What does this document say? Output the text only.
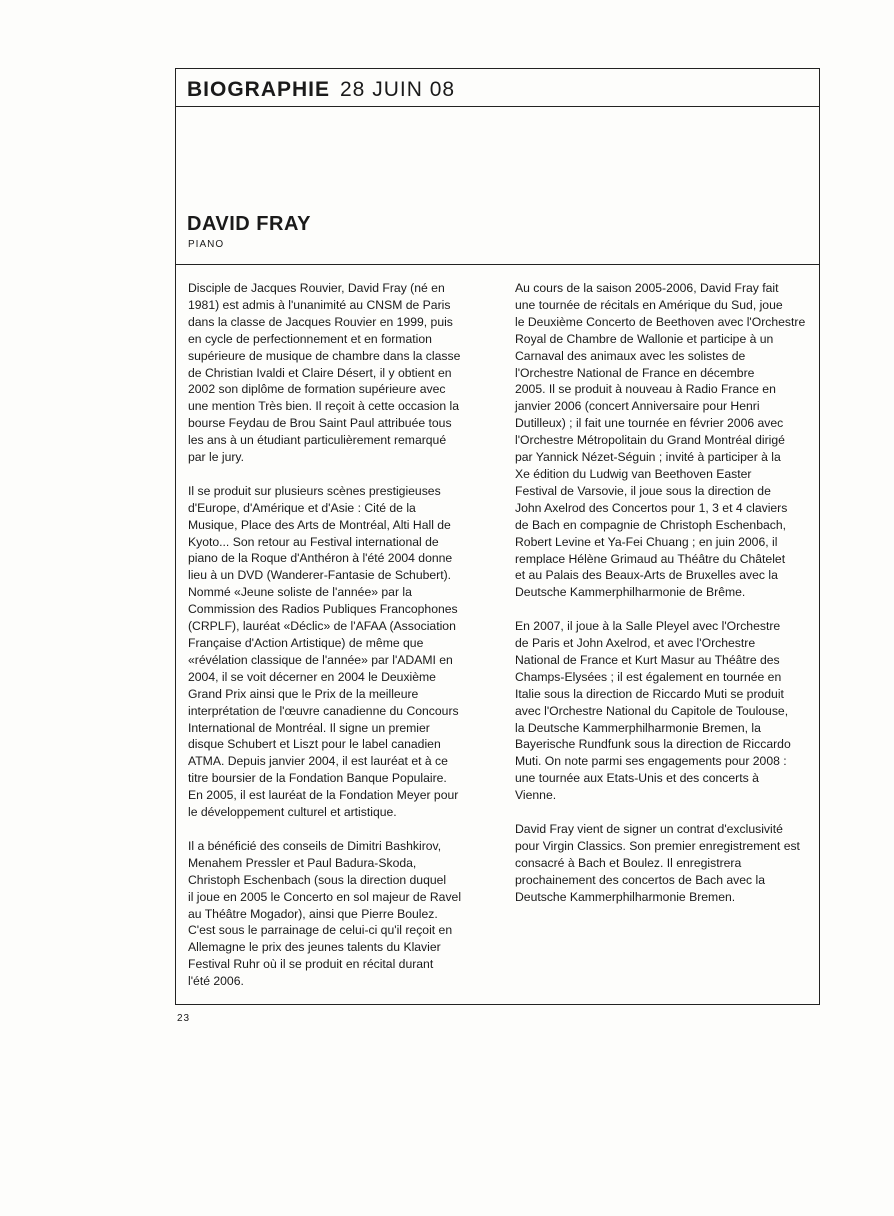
BIOGRAPHIE 28 JUIN 08
DAVID FRAY
PIANO

Disciple de Jacques Rouvier, David Fray (né en
1981) est admis à l'unanimité au CNSM de Paris
dans la classe de Jacques Rouvier en 1999, puis
en cycle de perfectionnement et en formation
supérieure de musique de chambre dans la classe
de Christian Ivaldi et Claire Désert, il y obtient en
2002 son diplôme de formation supérieure avec
une mention Très bien. Il reçoit à cette occasion la
bourse Feydau de Brou Saint Paul attribuée tous
les ans à un étudiant particulièrement remarqué
par le jury.

Il se produit sur plusieurs scènes prestigieuses
d'Europe, d'Amérique et d'Asie : Cité de la
Musique, Place des Arts de Montréal, Alti Hall de
Kyoto... Son retour au Festival international de
piano de la Roque d'Anthéron à l'été 2004 donne
lieu à un DVD (Wanderer-Fantasie de Schubert).
Nommé «Jeune soliste de l'année» par la
Commission des Radios Publiques Francophones
(CRPLF), lauréat «Déclic» de l'AFAA (Association
Française d'Action Artistique) de même que
«révélation classique de l'année» par l'ADAMI en
2004, il se voit décerner en 2004 le Deuxième
Grand Prix ainsi que le Prix de la meilleure
interprétation de l'œuvre canadienne du Concours
International de Montréal. Il signe un premier
disque Schubert et Liszt pour le label canadien
ATMA. Depuis janvier 2004, il est lauréat et à ce
titre boursier de la Fondation Banque Populaire.
En 2005, il est lauréat de la Fondation Meyer pour
le développement culturel et artistique.

Il a bénéficié des conseils de Dimitri Bashkirov,
Menahem Pressler et Paul Badura-Skoda,
Christoph Eschenbach (sous la direction duquel
il joue en 2005 le Concerto en sol majeur de Ravel
au Théâtre Mogador), ainsi que Pierre Boulez.
C'est sous le parrainage de celui-ci qu'il reçoit en
Allemagne le prix des jeunes talents du Klavier
Festival Ruhr où il se produit en récital durant
l'été 2006.

Au cours de la saison 2005-2006, David Fray fait
une tournée de récitals en Amérique du Sud, joue
le Deuxième Concerto de Beethoven avec l'Orchestre
Royal de Chambre de Wallonie et participe à un
Carnaval des animaux avec les solistes de
l'Orchestre National de France en décembre
2005. Il se produit à nouveau à Radio France en
janvier 2006 (concert Anniversaire pour Henri
Dutilleux) ; il fait une tournée en février 2006 avec
l'Orchestre Métropolitain du Grand Montréal dirigé
par Yannick Nézet-Séguin ; invité à participer à la
Xe édition du Ludwig van Beethoven Easter
Festival de Varsovie, il joue sous la direction de
John Axelrod des Concertos pour 1, 3 et 4 claviers
de Bach en compagnie de Christoph Eschenbach,
Robert Levine et Ya-Fei Chuang ; en juin 2006, il
remplace Hélène Grimaud au Théâtre du Châtelet
et au Palais des Beaux-Arts de Bruxelles avec la
Deutsche Kammerphilharmonie de Brême.

En 2007, il joue à la Salle Pleyel avec l'Orchestre
de Paris et John Axelrod, et avec l'Orchestre
National de France et Kurt Masur au Théâtre des
Champs-Elysées ; il est également en tournée en
Italie sous la direction de Riccardo Muti se produit
avec l'Orchestre National du Capitole de Toulouse,
la Deutsche Kammerphilharmonie Bremen, la
Bayerische Rundfunk sous la direction de Riccardo
Muti. On note parmi ses engagements pour 2008 :
une tournée aux Etats-Unis et des concerts à
Vienne.

David Fray vient de signer un contrat d'exclusivité
pour Virgin Classics. Son premier enregistrement est
consacré à Bach et Boulez. Il enregistrera
prochainement des concertos de Bach avec la
Deutsche Kammerphilharmonie Bremen.

23
